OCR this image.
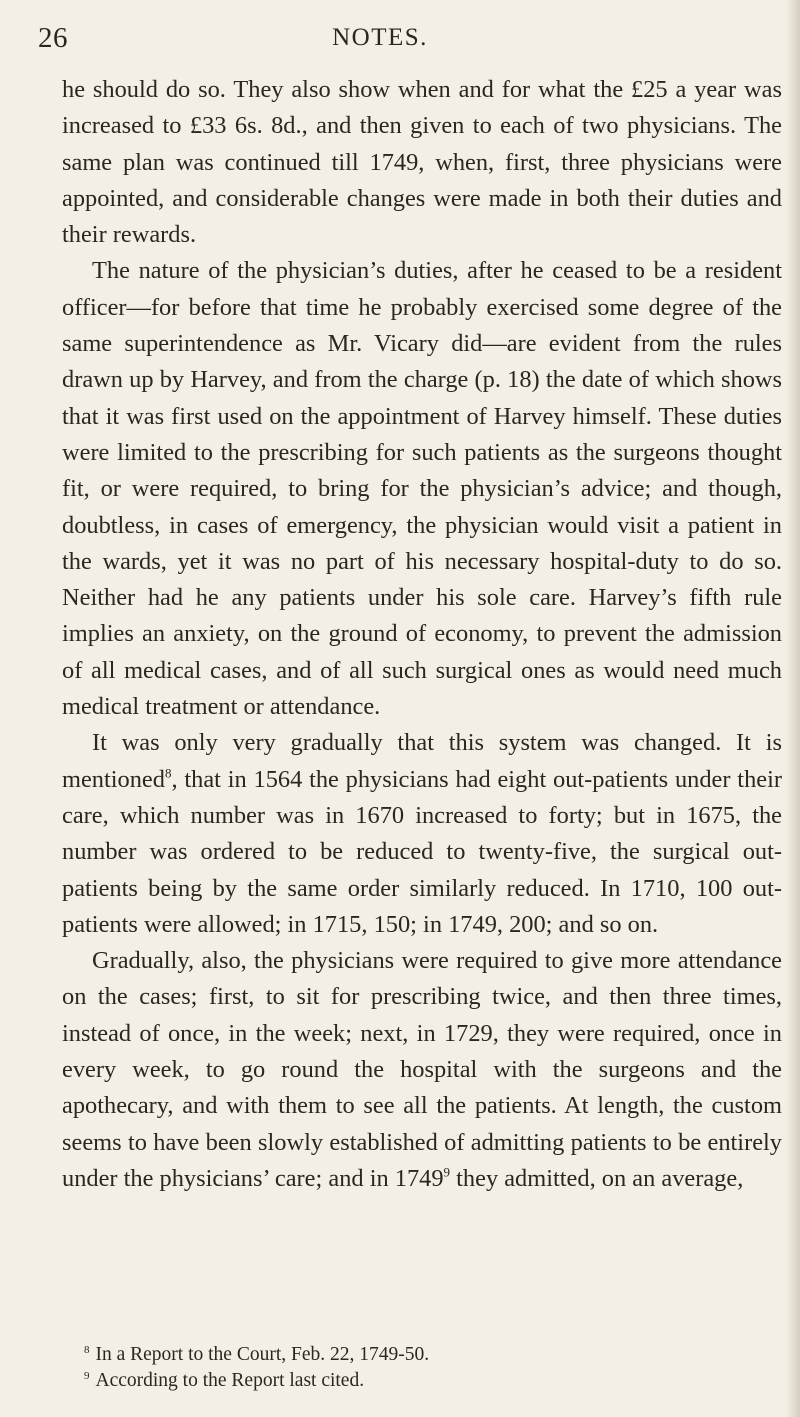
26	NOTES.

he should do so. They also show when and for what the £25 a year was increased to £33 6s. 8d., and then given to each of two physicians. The same plan was continued till 1749, when, first, three physicians were appointed, and considerable changes were made in both their duties and their rewards.

The nature of the physician’s duties, after he ceased to be a resident officer—for before that time he probably exercised some degree of the same superintendence as Mr. Vicary did—are evident from the rules drawn up by Harvey, and from the charge (p. 18) the date of which shows that it was first used on the appointment of Harvey himself. These duties were limited to the prescribing for such patients as the surgeons thought fit, or were required, to bring for the physician’s advice; and though, doubtless, in cases of emergency, the physician would visit a patient in the wards, yet it was no part of his necessary hospital-duty to do so. Neither had he any patients under his sole care. Harvey’s fifth rule implies an anxiety, on the ground of economy, to prevent the admission of all medical cases, and of all such surgical ones as would need much medical treatment or attendance.

It was only very gradually that this system was changed. It is mentioned$^8$, that in 1564 the physicians had eight out-patients under their care, which number was in 1670 increased to forty; but in 1675, the number was ordered to be reduced to twenty-five, the surgical out-patients being by the same order similarly reduced. In 1710, 100 out-patients were allowed; in 1715, 150; in 1749, 200; and so on.

Gradually, also, the physicians were required to give more attendance on the cases; first, to sit for prescribing twice, and then three times, instead of once, in the week; next, in 1729, they were required, once in every week, to go round the hospital with the surgeons and the apothecary, and with them to see all the patients. At length, the custom seems to have been slowly established of admitting patients to be entirely under the physicians’ care; and in 1749$^9$ they admitted, on an average,

$^8$ In a Report to the Court, Feb. 22, 1749-50.

$^9$ According to the Report last cited.
